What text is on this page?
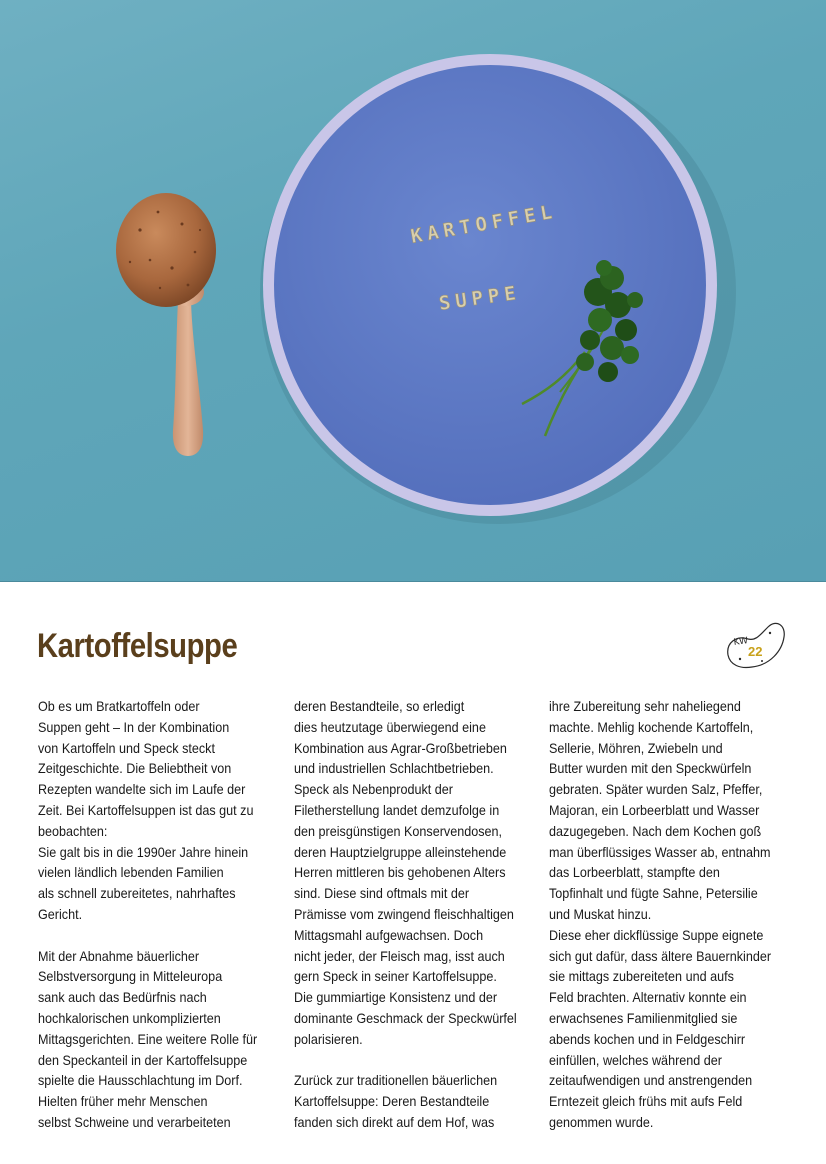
KARTOFFEL
SUPPE
Kartoffelsuppe	KW
22
Ob es um Bratkartoffeln oder
Suppen geht – In der Kombination
von Kartoffeln und Speck steckt
Zeitgeschichte. Die Beliebtheit von
Rezepten wandelte sich im Laufe der
Zeit. Bei Kartoffelsuppen ist das gut zu
beobachten:
Sie galt bis in die 1990er Jahre hinein
vielen ländlich lebenden Familien
als schnell zubereitetes, nahrhaftes
Gericht.
Mit der Abnahme bäuerlicher
Selbstversorgung in Mitteleuropa
sank auch das Bedürfnis nach
hochkalorischen unkomplizierten
Mittagsgerichten. Eine weitere Rolle für
den Speckanteil in der Kartoffelsuppe
spielte die Hausschlachtung im Dorf.
Hielten früher mehr Menschen
selbst Schweine und verarbeiteten
deren Bestandteile, so erledigt
dies heutzutage überwiegend eine
Kombination aus Agrar-Großbetrieben
und industriellen Schlachtbetrieben.
Speck als Nebenprodukt der
Filetherstellung landet demzufolge in
den preisgünstigen Konservendosen,
deren Hauptzielgruppe alleinstehende
Herren mittleren bis gehobenen Alters
sind. Diese sind oftmals mit der
Prämisse vom zwingend fleischhaltigen
Mittagsmahl aufgewachsen. Doch
nicht jeder, der Fleisch mag, isst auch
gern Speck in seiner Kartoffelsuppe.
Die gummiartige Konsistenz und der
dominante Geschmack der Speckwürfel
polarisieren.
Zurück zur traditionellen bäuerlichen
Kartoffelsuppe: Deren Bestandteile
fanden sich direkt auf dem Hof, was
ihre Zubereitung sehr naheliegend
machte. Mehlig kochende Kartoffeln,
Sellerie, Möhren, Zwiebeln und
Butter wurden mit den Speckwürfeln
gebraten. Später wurden Salz, Pfeffer,
Majoran, ein Lorbeerblatt und Wasser
dazugegeben. Nach dem Kochen goß
man überflüssiges Wasser ab, entnahm
das Lorbeerblatt, stampfte den
Topfinhalt und fügte Sahne, Petersilie
und Muskat hinzu.
Diese eher dickflüssige Suppe eignete
sich gut dafür, dass ältere Bauernkinder
sie mittags zubereiteten und aufs
Feld brachten. Alternativ konnte ein
erwachsenes Familienmitglied sie
abends kochen und in Feldgeschirr
einfüllen, welches während der
zeitaufwendigen und anstrengenden
Erntezeit gleich frühs mit aufs Feld
genommen wurde.
